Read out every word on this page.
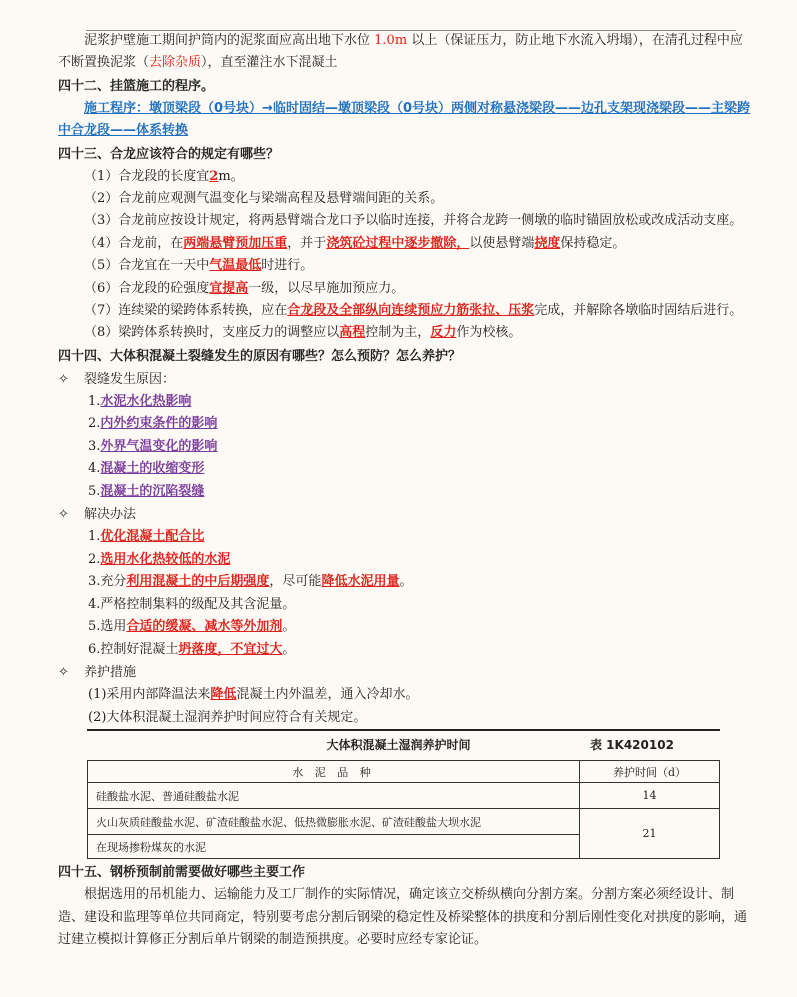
泥浆护壁施工期间护筒内的泥浆面应高出地下水位 1.0m 以上（保证压力，防止地下水流入坍塌），在清孔过程中应不断置换泥浆（去除杂质），直至灌注水下混凝土

四十二、挂篮施工的程序。

施工程序：墩顶梁段（0号块）→临时固结—墩顶梁段（0号块）两侧对称悬浇梁段——边孔支架现浇梁段——主梁跨中合龙段——体系转换

四十三、合龙应该符合的规定有哪些？

（1）合龙段的长度宜2m。

（2）合龙前应观测气温变化与梁端高程及悬臂端间距的关系。

（3）合龙前应按设计规定，将两悬臂端合龙口予以临时连接，并将合龙跨一侧墩的临时锚固放松或改成活动支座。

（4）合龙前，在两端悬臂预加压重，并于浇筑砼过程中逐步撤除，以使悬臂端挠度保持稳定。

（5）合龙宜在一天中气温最低时进行。

（6）合龙段的砼强度宜提高一级，以尽早施加预应力。

（7）连续梁的梁跨体系转换，应在合龙段及全部纵向连续预应力筋张拉、压浆完成，并解除各墩临时固结后进行。

（8）梁跨体系转换时，支座反力的调整应以高程控制为主，反力作为校核。

四十四、大体积混凝土裂缝发生的原因有哪些？怎么预防？怎么养护？

✧	裂缝发生原因：
1.水泥水化热影响
2.内外约束条件的影响
3.外界气温变化的影响
4.混凝土的收缩变形
5.混凝土的沉陷裂缝
✧	解决办法
1.优化混凝土配合比
2.选用水化热较低的水泥
3.充分利用混凝土的中后期强度，尽可能降低水泥用量。
4.严格控制集料的级配及其含泥量。
5.选用合适的缓凝、减水等外加剂。
6.控制好混凝土坍落度，不宜过大。
✧	养护措施
(1)采用内部降温法来降低混凝土内外温差，通入冷却水。
(2)大体积混凝土湿润养护时间应符合有关规定。
大体积混凝土湿润养护时间	表 1K420102
水 泥 品 种	养护时间（d）
硅酸盐水泥、普通硅酸盐水泥	14
火山灰质硅酸盐水泥、矿渣硅酸盐水泥、低热微膨胀水泥、矿渣硅酸盐大坝水泥	21
在现场掺粉煤灰的水泥	

四十五、钢桥预制前需要做好哪些主要工作

根据选用的吊机能力、运输能力及工厂制作的实际情况，确定该立交桥纵横向分割方案。分割方案必须经设计、制造、建设和监理等单位共同商定，特别要考虑分割后钢梁的稳定性及桥梁整体的拱度和分割后刚性变化对拱度的影响，通过建立模拟计算修正分割后单片钢梁的制造预拱度。必要时应经专家论证。
